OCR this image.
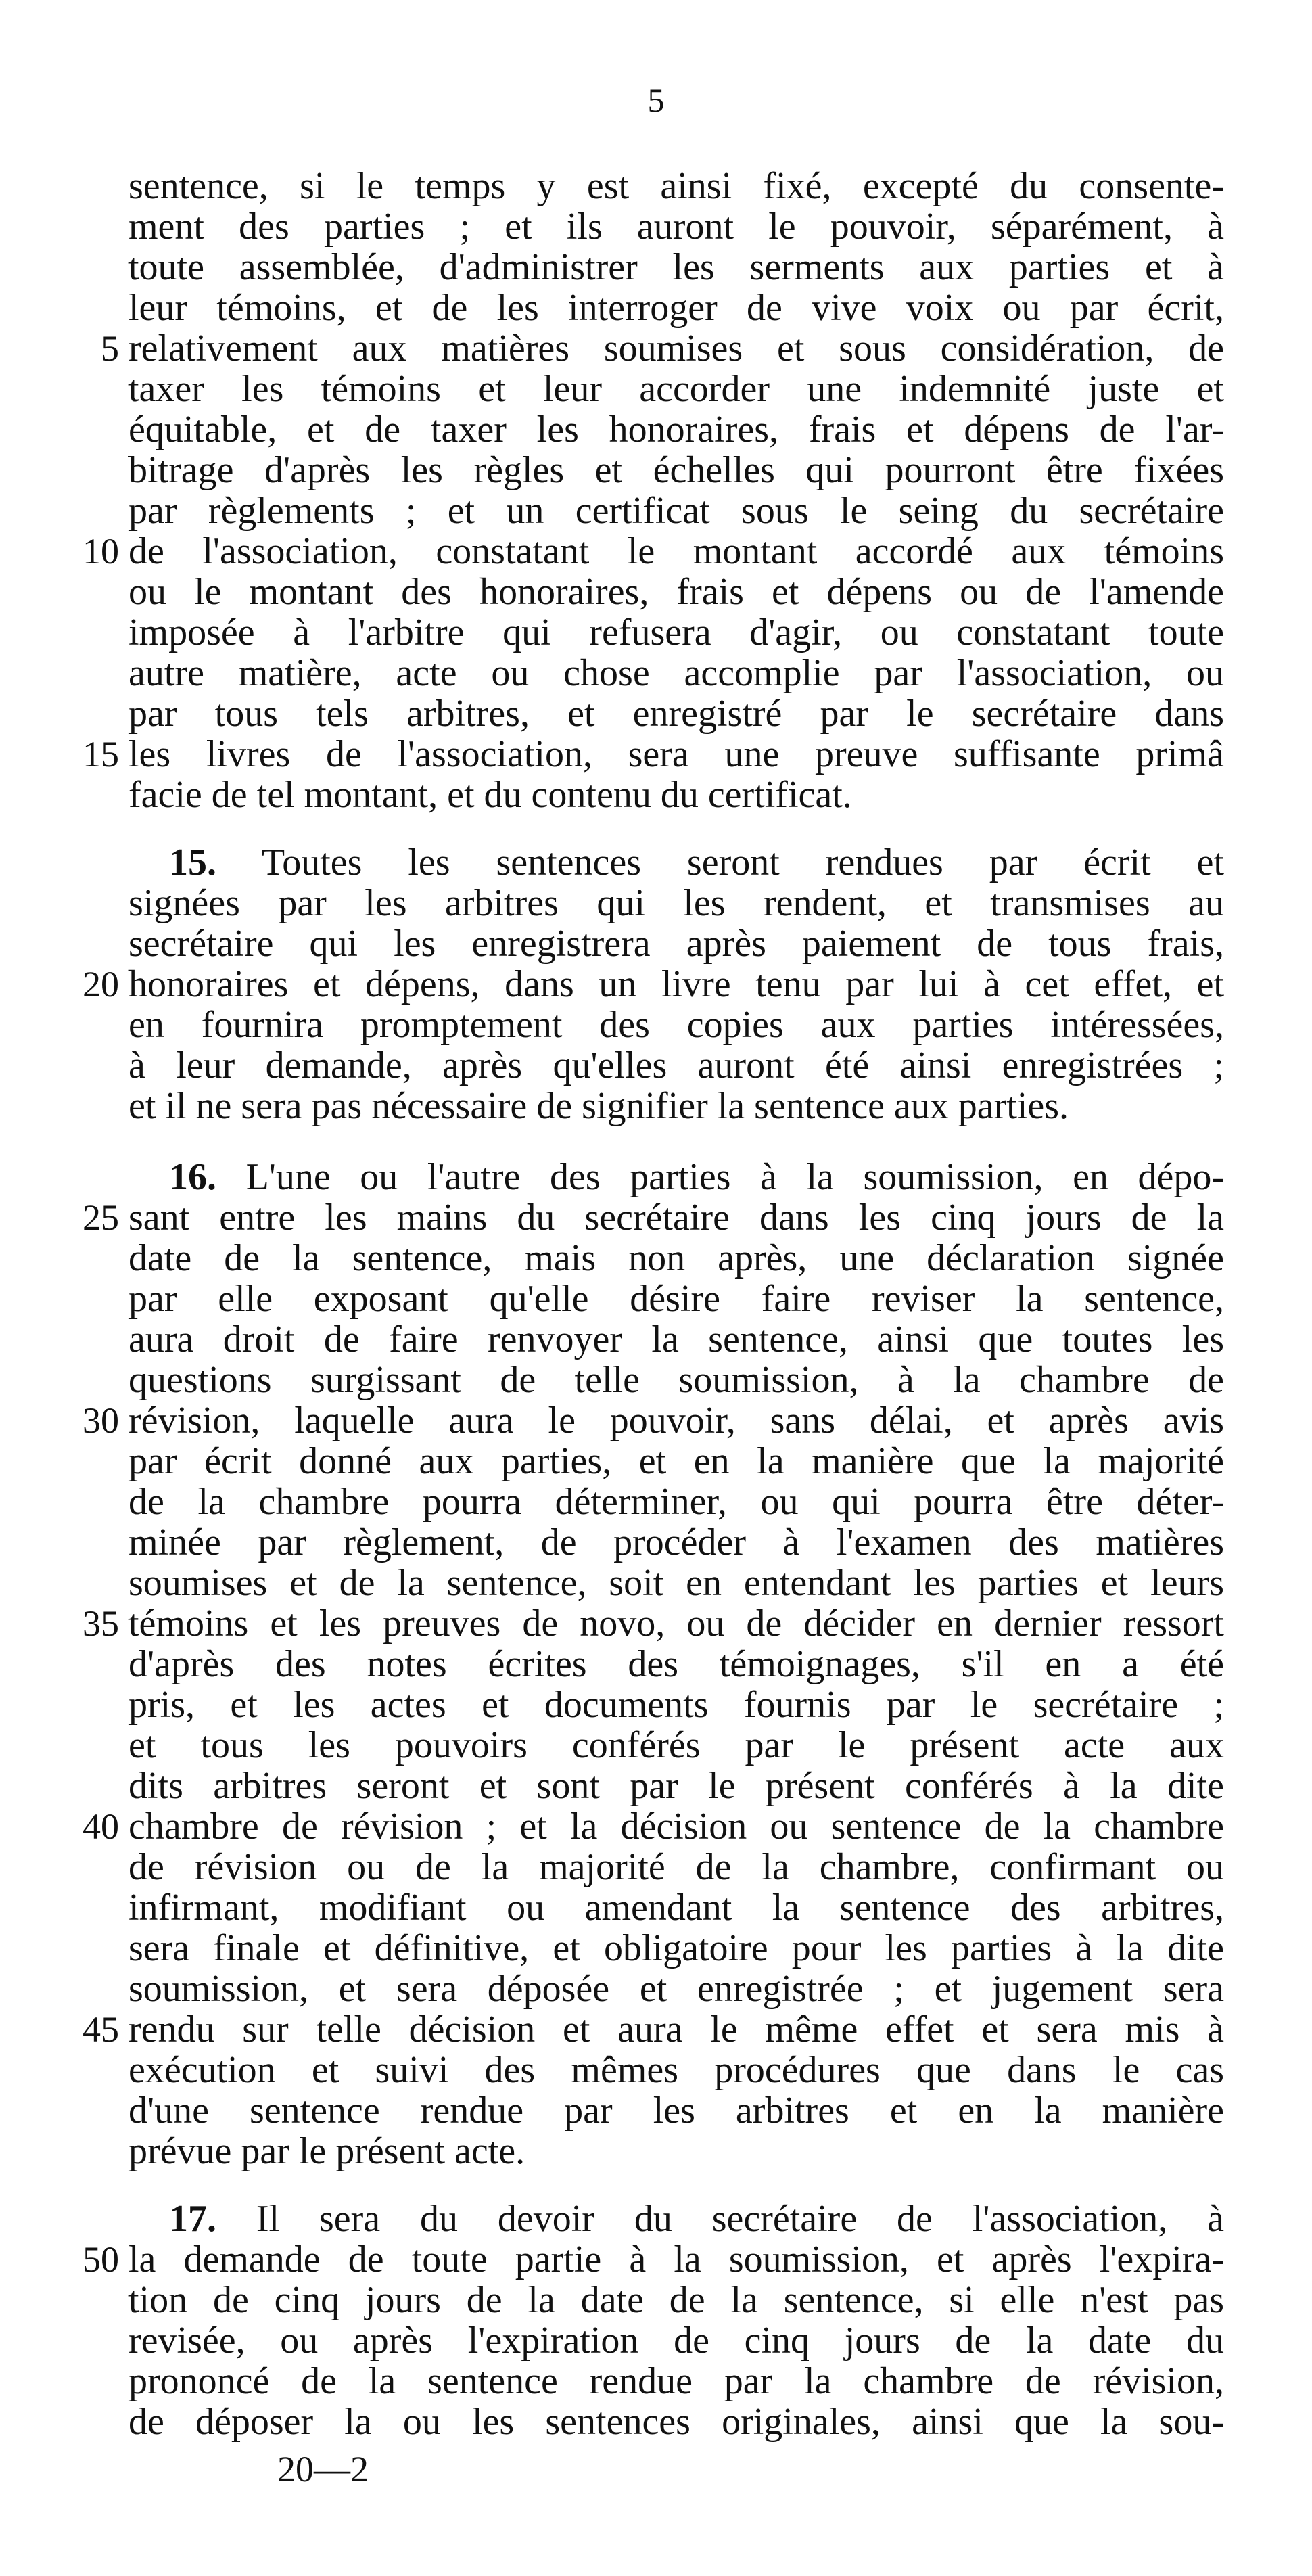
5
sentence, si le temps y est ainsi fixé, excepté du consente-
ment des parties ; et ils auront le pouvoir, séparément, à
toute assemblée, d'administrer les serments aux parties et à
leur témoins, et de les interroger de vive voix ou par écrit,
5 relativement aux matières soumises et sous considération, de
taxer les témoins et leur accorder une indemnité juste et
équitable, et de taxer les honoraires, frais et dépens de l'ar-
bitrage d'après les règles et échelles qui pourront être fixées
par règlements ; et un certificat sous le seing du secrétaire
10 de l'association, constatant le montant accordé aux témoins
ou le montant des honoraires, frais et dépens ou de l'amende
imposée à l'arbitre qui refusera d'agir, ou constatant toute
autre matière, acte ou chose accomplie par l'association, ou
par tous tels arbitres, et enregistré par le secrétaire dans
15 les livres de l'association, sera une preuve suffisante primâ
facie de tel montant, et du contenu du certificat.
15. Toutes les sentences seront rendues par écrit et
signées par les arbitres qui les rendent, et transmises au
secrétaire qui les enregistrera après paiement de tous frais,
20 honoraires et dépens, dans un livre tenu par lui à cet effet, et
en fournira promptement des copies aux parties intéressées,
à leur demande, après qu'elles auront été ainsi enregistrées ;
et il ne sera pas nécessaire de signifier la sentence aux parties.
16. L'une ou l'autre des parties à la soumission, en dépo-
25 sant entre les mains du secrétaire dans les cinq jours de la
date de la sentence, mais non après, une déclaration signée
par elle exposant qu'elle désire faire reviser la sentence,
aura droit de faire renvoyer la sentence, ainsi que toutes les
questions surgissant de telle soumission, à la chambre de
30 révision, laquelle aura le pouvoir, sans délai, et après avis
par écrit donné aux parties, et en la manière que la majorité
de la chambre pourra déterminer, ou qui pourra être déter-
minée par règlement, de procéder à l'examen des matières
soumises et de la sentence, soit en entendant les parties et leurs
35 témoins et les preuves de novo, ou de décider en dernier ressort
d'après des notes écrites des témoignages, s'il en a été
pris, et les actes et documents fournis par le secrétaire ;
et tous les pouvoirs conférés par le présent acte aux
dits arbitres seront et sont par le présent conférés à la dite
40 chambre de révision ; et la décision ou sentence de la chambre
de révision ou de la majorité de la chambre, confirmant ou
infirmant, modifiant ou amendant la sentence des arbitres,
sera finale et définitive, et obligatoire pour les parties à la dite
soumission, et sera déposée et enregistrée ; et jugement sera
45 rendu sur telle décision et aura le même effet et sera mis à
exécution et suivi des mêmes procédures que dans le cas
d'une sentence rendue par les arbitres et en la manière
prévue par le présent acte.
17. Il sera du devoir du secrétaire de l'association, à
50 la demande de toute partie à la soumission, et après l'expira-
tion de cinq jours de la date de la sentence, si elle n'est pas
revisée, ou après l'expiration de cinq jours de la date du
prononcé de la sentence rendue par la chambre de révision,
de déposer la ou les sentences originales, ainsi que la sou-
20—2
